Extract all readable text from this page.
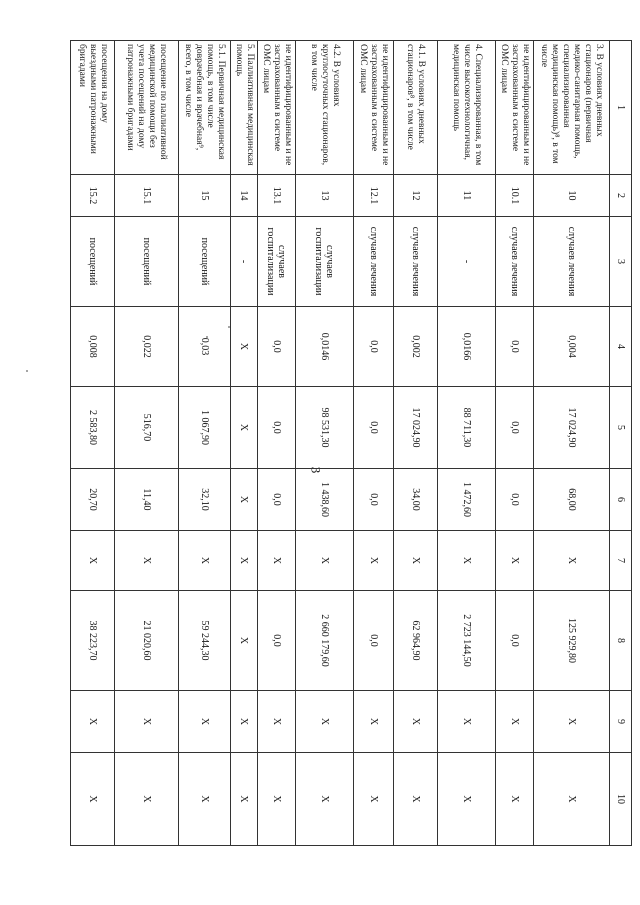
3
1	2	3	4	5	6	7	8	9	10
3. В условиях дневных стационаров (первичная медико-санитарная помощь, специализированная медицинская помощь)⁸, в том числе	10	случаев лечения	0,004	17 024,90	68,00	X	125 929,80	X	X
не идентифицированным и не застрахованным в системе ОМС лицам	10.1	случаев лечения	0,0	0,0	0,0	X	0,0	X	X
4. Специализированная, в том числе высокотехнологичная, медицинская помощь	11	-	0,0166	88 711,30	1 472,60	X	2 723 144,50	X	X
4.1. В условиях дневных стационаров⁸, в том числе	12	случаев лечения	0,002	17 024,90	34,00	X	62 964,90	X	X
не идентифицированным и не застрахованным в системе ОМС лицам	12.1	случаев лечения	0,0	0,0	0,0	X	0,0	X	X
4.2. В условиях круглосуточных стационаров, в том числе	13	случаев госпитализации	0,0146	98 531,30	1 438,60	X	2 660 179,60	X	X
не идентифицированным и не застрахованным в системе ОМС лицам	13.1	случаев госпитализации	0,0	0,0	0,0	X	0,0	X	X
5. Паллиативная медицинская помощь	14	-	X	X	X	X	X	X	X
5.1. Первичная медицинская помощь, в том числе доврачебная и врачебная⁹, всего, в том числе	15	посещений	0,03	1 067,90	32,10	X	59 244,30	X	X
посещение по паллиативной медицинской помощи без учета посещений на дому патронажными бригадами	15.1	посещений	0,022	516,70	11,40	X	21 020,60	X	X
посещения на дому выездными патронажными бригадами	15.2	посещений	0,008	2 583,80	20,70	X	38 223,70	X	X
